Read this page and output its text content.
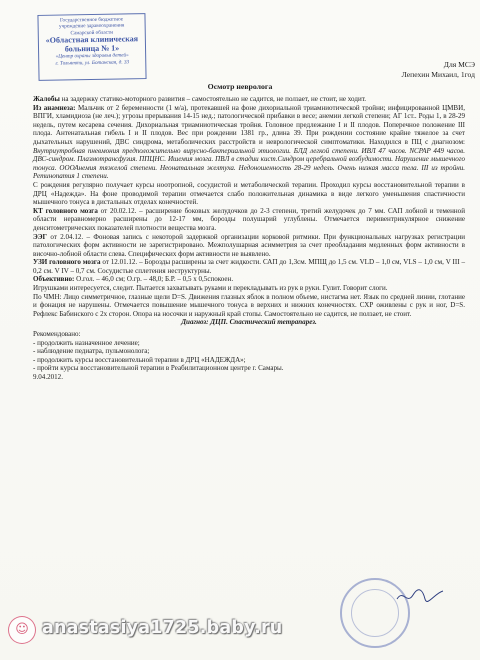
Государственное бюджетное
учреждение здравоохранения
Самарской области
«Областная клиническая
больница № 1»
«Центр охраны здоровья детей»
г. Тольятти, ул. Ботанская, д. 33	Для МСЭ
Лепехин Михаил, 1год
Осмотр невролога

Жалобы на задержку статико-моторного развития – самостоятельно не садится, не ползает, не стоит, не ходит.

Из анамнеза: Мальчик от 2 беременности (1 м/а), протекавшей на фоне дихориальной триамниотической тройни; инфицированной ЦМВИ, ВПГИ, хламидиоза (не леч.); угрозы прерывания 14-15 нед.; патологической прибавки в весе; анемии легкой степени; АГ 1ст.. Роды 1, в 28-29 недель, путем кесарева сечения. Дихориальная триамниотическая тройня. Головное предлежание I и II плодов. Поперечное положение III плода. Антенатальная гибель I и II плодов. Вес при рождении 1381 гр., длина 39. При рождении состояние крайне тяжелое за счет дыхательных нарушений, ДВС синдрома, метаболических расстройств и неврологической симптоматики. Находился в ПЦ с диагнозом: Внутриутробная пневмония предположительно вирусно-бактериальной этиологии. БЛД легкой степени. ИВЛ 47 часов. NCPAP 449 часов. ДВС-синдром. Плазмотрансфузия. ППЦНС. Ишемия мозга. ПВЛ в стадии кист.Синдром церебральной возбудимости. Нарушение мышечного тонуса. ОООАнемия тяжелой степени. Неонатальная желтуха. Недоношенность 28-29 недель. Очень низкая масса тела. III из тройни. Ретинопатия 1 степени.

С рождения регулярно получает курсы ноотропной, сосудистой и метаболической терапии. Проходил курсы восстановительной терапии в ДРЦ «Надежда». На фоне проводимой терапии отмечается слабо положительная динамика в виде легкого уменьшения спастичности мышечного тонуса в дистальных отделах конечностей.

КТ головного мозга от 20.02.12. – расширение боковых желудочков до 2-3 степени, третий желудочек до 7 мм. САП лобной и теменной области неравномерно расширены до 12-17 мм, борозды полушарий углублены. Отмечается перивентрикулярное снижение денситометрических показателей плотности вещества мозга.

ЭЭГ от 2.04.12. – Фоновая запись с некоторой задержкой организации корковой ритмики. При функциональных нагрузках регистрации патологических форм активности не зарегистрировано. Межполушарная асимметрия за счет преобладания медленных форм активности в височно-лобной области слева. Специфических форм активности не выявлено.

УЗИ головного мозга от 12.01.12. – Борозды расширены за счет жидкости. САП до 1,3см. МПЩ до 1,5 см. VLD – 1,0 см, VLS – 1,0 см, V III – 0,2 см. V IV – 0,7 см. Сосудистые сплетения неструктурны.

Объективно: О.гол. – 46,0 см; О.гр. – 48,0; Б.Р. – 0,5 х 0,5спокоен.

Игрушками интересуется, следит. Пытается захватывать руками и перекладывать из рук в руки. Гулит. Говорит слоги.

По ЧМН: Лицо симметричное, глазные щели D=S. Движения глазных яблок в полном объеме, нистагма нет. Язык по средней линии, глотание и фонация не нарушены. Отмечается повышение мышечного тонуса в верхних и нижних конечностях. СХР оживлены с рук и ног, D=S. Рефлекс Бабинского с 2х сторон. Опора на носочки и наружный край стопы. Самостоятельно не садится, не ползает, не стоит.

Диагноз: ДЦП. Спастический тетрапарез.

Рекомендовано:

- продолжить назначенное лечение;

- наблюдение педиатра, пульмонолога;

- продолжить курсы восстановительной терапии в ДРЦ «НАДЕЖДА»;

- пройти курсы восстановительной терапии в Реабилитационном центре г. Самары.

9.04.2012.

☺ anastasiya1725.baby.ru
